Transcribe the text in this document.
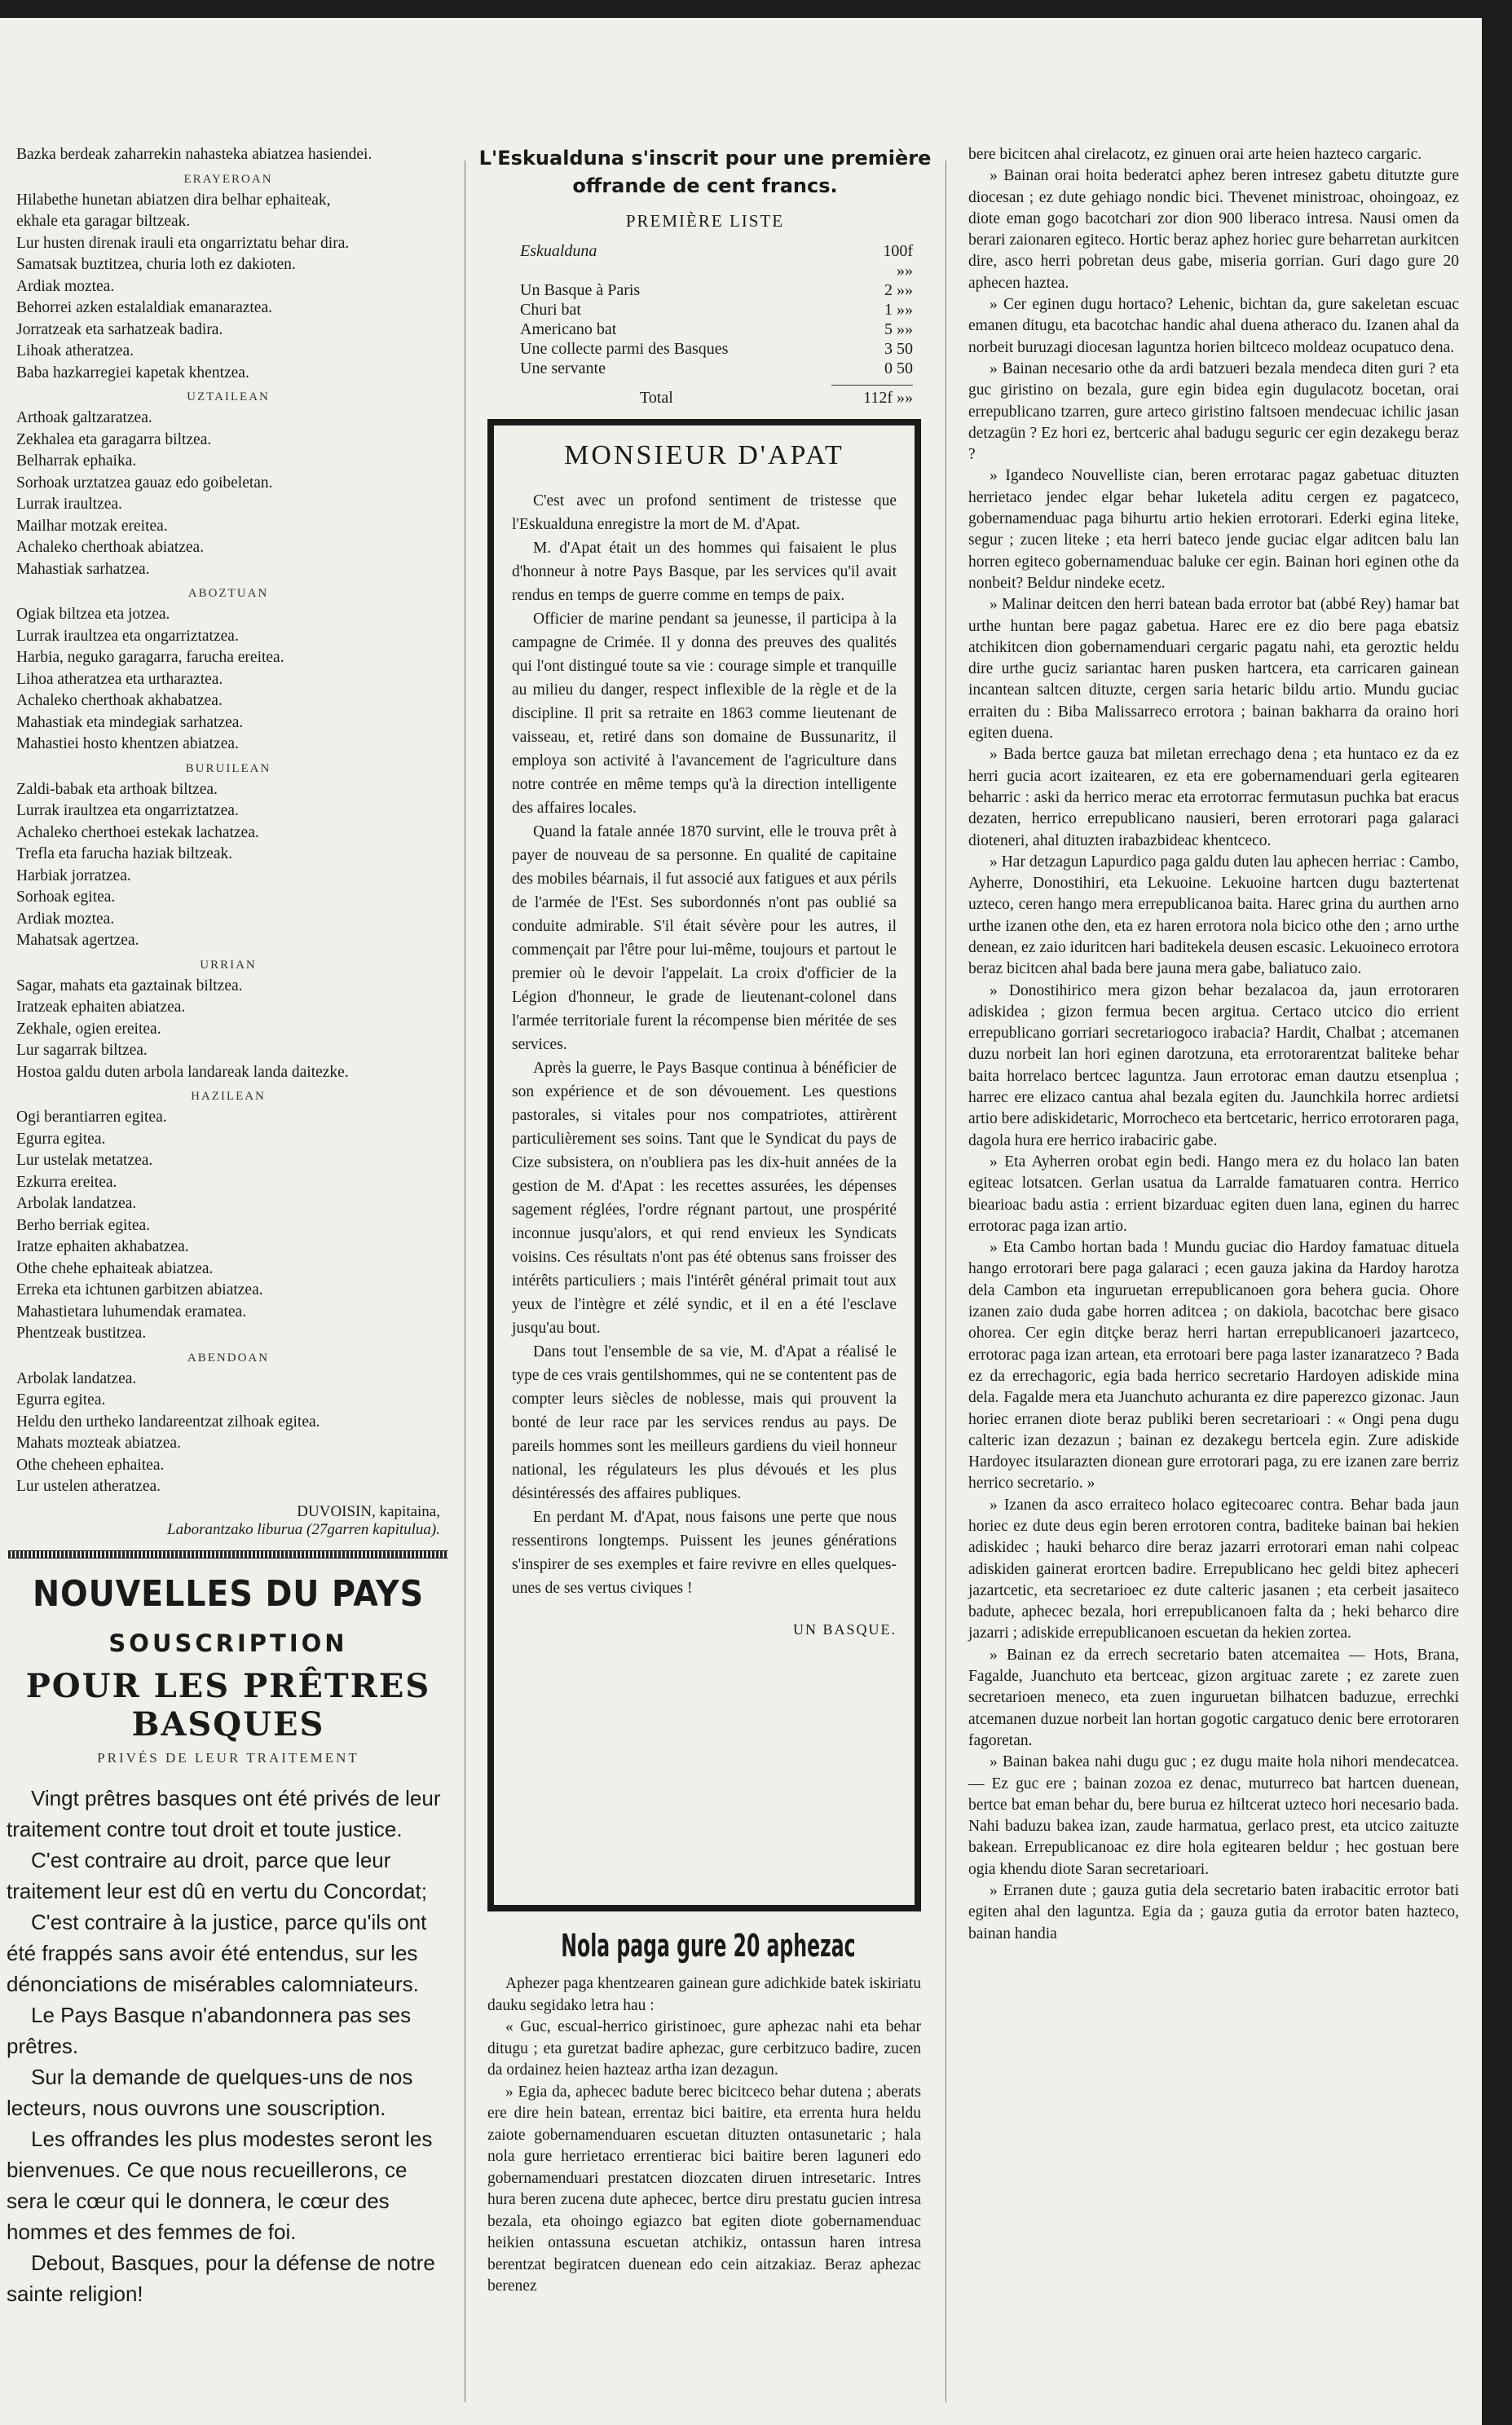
Bazka berdeak zaharrekin nahasteka abiatzea hasiendei.

ERAYEROAN

Hilabethe hunetan abiatzen dira belhar ephaiteak,

ekhale eta garagar biltzeak.

Lur husten direnak irauli eta ongarriztatu behar dira.

Samatsak buztitzea, churia loth ez dakioten.

Ardiak moztea.

Behorrei azken estalaldiak emanaraztea.

Jorratzeak eta sarhatzeak badira.

Lihoak atheratzea.

Baba hazkarregiei kapetak khentzea.

UZTAILEAN

Arthoak galtzaratzea.

Zekhalea eta garagarra biltzea.

Belharrak ephaika.

Sorhoak urztatzea gauaz edo goibeletan.

Lurrak iraultzea.

Mailhar motzak ereitea.

Achaleko cherthoak abiatzea.

Mahastiak sarhatzea.

ABOZTUAN

Ogiak biltzea eta jotzea.

Lurrak iraultzea eta ongarriztatzea.

Harbia, neguko garagarra, farucha ereitea.

Lihoa atheratzea eta urtharaztea.

Achaleko cherthoak akhabatzea.

Mahastiak eta mindegiak sarhatzea.

Mahastiei hosto khentzen abiatzea.

BURUILEAN

Zaldi-babak eta arthoak biltzea.

Lurrak iraultzea eta ongarriztatzea.

Achaleko cherthoei estekak lachatzea.

Trefla eta farucha haziak biltzeak.

Harbiak jorratzea.

Sorhoak egitea.

Ardiak moztea.

Mahatsak agertzea.

URRIAN

Sagar, mahats eta gaztainak biltzea.

Iratzeak ephaiten abiatzea.

Zekhale, ogien ereitea.

Lur sagarrak biltzea.

Hostoa galdu duten arbola landareak landa daitezke.

HAZILEAN

Ogi berantiarren egitea.

Egurra egitea.

Lur ustelak metatzea.

Ezkurra ereitea.

Arbolak landatzea.

Berho berriak egitea.

Iratze ephaiten akhabatzea.

Othe chehe ephaiteak abiatzea.

Erreka eta ichtunen garbitzen abiatzea.

Mahastietara luhumendak eramatea.

Phentzeak bustitzea.

ABENDOAN

Arbolak landatzea.

Egurra egitea.

Heldu den urtheko landareentzat zilhoak egitea.

Mahats mozteak abiatzea.

Othe cheheen ephaitea.

Lur ustelen atheratzea.

DUVOISIN, kapitaina,

Laborantzako liburua (27garren kapitulua).

NOUVELLES DU PAYS
SOUSCRIPTION
POUR LES PRÊTRES BASQUES
PRIVÉS DE LEUR TRAITEMENT

Vingt prêtres basques ont été privés de leur traitement contre tout droit et toute justice.

C'est contraire au droit, parce que leur traitement leur est dû en vertu du Concordat;

C'est contraire à la justice, parce qu'ils ont été frappés sans avoir été entendus, sur les dénonciations de misérables calomniateurs.

Le Pays Basque n'abandonnera pas ses prêtres.

Sur la demande de quelques-uns de nos lecteurs, nous ouvrons une souscription.

Les offrandes les plus modestes seront les bienvenues. Ce que nous recueillerons, ce sera le cœur qui le donnera, le cœur des hommes et des femmes de foi.

Debout, Basques, pour la défense de notre sainte religion!

L'Eskualduna s'inscrit pour une première offrande de cent francs.
PREMIÈRE LISTE
Eskualduna	100f »»
Un Basque à Paris	2 »»
Churi bat	1 »»
Americano bat	5 »»
Une collecte parmi des Basques	3 50
Une servante	0 50
Total	112f »»
MONSIEUR D'APAT

C'est avec un profond sentiment de tristesse que l'Eskualduna enregistre la mort de M. d'Apat.

M. d'Apat était un des hommes qui faisaient le plus d'honneur à notre Pays Basque, par les services qu'il avait rendus en temps de guerre comme en temps de paix.

Officier de marine pendant sa jeunesse, il participa à la campagne de Crimée. Il y donna des preuves des qualités qui l'ont distingué toute sa vie : courage simple et tranquille au milieu du danger, respect inflexible de la règle et de la discipline. Il prit sa retraite en 1863 comme lieutenant de vaisseau, et, retiré dans son domaine de Bussunaritz, il employa son activité à l'avancement de l'agriculture dans notre contrée en même temps qu'à la direction intelligente des affaires locales.

Quand la fatale année 1870 survint, elle le trouva prêt à payer de nouveau de sa personne. En qualité de capitaine des mobiles béarnais, il fut associé aux fatigues et aux périls de l'armée de l'Est. Ses subordonnés n'ont pas oublié sa conduite admirable. S'il était sévère pour les autres, il commençait par l'être pour lui-même, toujours et partout le premier où le devoir l'appelait. La croix d'officier de la Légion d'honneur, le grade de lieutenant-colonel dans l'armée territoriale furent la récompense bien méritée de ses services.

Après la guerre, le Pays Basque continua à bénéficier de son expérience et de son dévouement. Les questions pastorales, si vitales pour nos compatriotes, attirèrent particulièrement ses soins. Tant que le Syndicat du pays de Cize subsistera, on n'oubliera pas les dix-huit années de la gestion de M. d'Apat : les recettes assurées, les dépenses sagement réglées, l'ordre régnant partout, une prospérité inconnue jusqu'alors, et qui rend envieux les Syndicats voisins. Ces résultats n'ont pas été obtenus sans froisser des intérêts particuliers ; mais l'intérêt général primait tout aux yeux de l'intègre et zélé syndic, et il en a été l'esclave jusqu'au bout.

Dans tout l'ensemble de sa vie, M. d'Apat a réalisé le type de ces vrais gentilshommes, qui ne se contentent pas de compter leurs siècles de noblesse, mais qui prouvent la bonté de leur race par les services rendus au pays. De pareils hommes sont les meilleurs gardiens du vieil honneur national, les régulateurs les plus dévoués et les plus désintéressés des affaires publiques.

En perdant M. d'Apat, nous faisons une perte que nous ressentirons longtemps. Puissent les jeunes générations s'inspirer de ses exemples et faire revivre en elles quelques-unes de ses vertus civiques !

UN BASQUE.
Nola paga gure 20 aphezac

Aphezer paga khentzearen gainean gure adichkide batek iskiriatu dauku segidako letra hau :

« Guc, escual-herrico giristinoec, gure aphezac nahi eta behar ditugu ; eta guretzat badire aphezac, gure cerbitzuco badire, zucen da ordainez heien hazteaz artha izan dezagun.

» Egia da, aphecec badute berec bicitceco behar dutena ; aberats ere dire hein batean, errentaz bici baitire, eta errenta hura heldu zaiote gobernamenduaren escuetan dituzten ontasunetaric ; hala nola gure herrietaco errentierac bici baitire beren laguneri edo gobernamenduari prestatcen diozcaten diruen intresetaric. Intres hura beren zucena dute aphecec, bertce diru prestatu gucien intresa bezala, eta ohoingo egiazco bat egiten diote gobernamenduac heikien ontassuna escuetan atchikiz, ontassun haren intresa berentzat begiratcen duenean edo cein aitzakiaz. Beraz aphezac berenez

bere bicitcen ahal cirelacotz, ez ginuen orai arte heien hazteco cargaric.

» Bainan orai hoita bederatci aphez beren intresez gabetu ditutzte gure diocesan ; ez dute gehiago nondic bici. Thevenet ministroac, ohoingoaz, ez diote eman gogo bacotchari zor dion 900 liberaco intresa. Nausi omen da berari zaionaren egiteco. Hortic beraz aphez horiec gure beharretan aurkitcen dire, asco herri pobretan deus gabe, miseria gorrian. Guri dago gure 20 aphecen haztea.

» Cer eginen dugu hortaco? Lehenic, bichtan da, gure sakeletan escuac emanen ditugu, eta bacotchac handic ahal duena atheraco du. Izanen ahal da norbeit buruzagi diocesan laguntza horien biltceco moldeaz ocupatuco dena.

» Bainan necesario othe da ardi batzueri bezala mendeca diten guri ? eta guc giristino on bezala, gure egin bidea egin dugulacotz bocetan, orai errepublicano tzarren, gure arteco giristino faltsoen mendecuac ichilic jasan detzagün ? Ez hori ez, bertceric ahal badugu seguric cer egin dezakegu beraz ?

» Igandeco Nouvelliste cian, beren errotarac pagaz gabetuac dituzten herrietaco jendec elgar behar luketela aditu cergen ez pagatceco, gobernamenduac paga bihurtu artio hekien errotorari. Ederki egina liteke, segur ; zucen liteke ; eta herri bateco jende guciac elgar aditcen balu lan horren egiteco gobernamenduac baluke cer egin. Bainan hori eginen othe da nonbeit? Beldur nindeke ecetz.

» Malinar deitcen den herri batean bada errotor bat (abbé Rey) hamar bat urthe huntan bere pagaz gabetua. Harec ere ez dio bere paga ebatsiz atchikitcen dion gobernamenduari cergaric pagatu nahi, eta geroztic heldu dire urthe guciz sariantac haren pusken hartcera, eta carricaren gainean incantean saltcen dituzte, cergen saria hetaric bildu artio. Mundu guciac erraiten du : Biba Malissarreco errotora ; bainan bakharra da oraino hori egiten duena.

» Bada bertce gauza bat miletan errechago dena ; eta huntaco ez da ez herri gucia acort izaitearen, ez eta ere gobernamenduari gerla egitearen beharric : aski da herrico merac eta errotorrac fermutasun puchka bat eracus dezaten, herrico errepublicano nausieri, beren errotorari paga galaraci dioteneri, ahal dituzten irabazbideac khentceco.

» Har detzagun Lapurdico paga galdu duten lau aphecen herriac : Cambo, Ayherre, Donostihiri, eta Lekuoine. Lekuoine hartcen dugu baztertenat uzteco, ceren hango mera errepublicanoa baita. Harec grina du aurthen arno urthe izanen othe den, eta ez haren errotora nola bicico othe den ; arno urthe denean, ez zaio iduritcen hari baditekela deusen escasic. Lekuoineco errotora beraz bicitcen ahal bada bere jauna mera gabe, baliatuco zaio.

» Donostihirico mera gizon behar bezalacoa da, jaun errotoraren adiskidea ; gizon fermua becen argitua. Certaco utcico dio errient errepublicano gorriari secretariogoco irabacia? Hardit, Chalbat ; atcemanen duzu norbeit lan hori eginen darotzuna, eta errotorarentzat baliteke behar baita horrelaco bertcec laguntza. Jaun errotorac eman dautzu etsenplua ; harrec ere elizaco cantua ahal bezala egiten du. Jaunchkila horrec ardietsi artio bere adiskidetaric, Morrocheco eta bertcetaric, herrico errotoraren paga, dagola hura ere herrico irabaciric gabe.

» Eta Ayherren orobat egin bedi. Hango mera ez du holaco lan baten egiteac lotsatcen. Gerlan usatua da Larralde famatuaren contra. Herrico biearioac badu astia : errient bizarduac egiten duen lana, eginen du harrec errotorac paga izan artio.

» Eta Cambo hortan bada ! Mundu guciac dio Hardoy famatuac dituela hango errotorari bere paga galaraci ; ecen gauza jakina da Hardoy harotza dela Cambon eta inguruetan errepublicanoen gora behera gucia. Ohore izanen zaio duda gabe horren aditcea ; on dakiola, bacotchac bere gisaco ohorea. Cer egin ditçke beraz herri hartan errepublicanoeri jazartceco, errotorac paga izan artean, eta errotoari bere paga laster izanaratzeco ? Bada ez da errechagoric, egia bada herrico secretario Hardoyen adiskide mina dela. Fagalde mera eta Juanchuto achuranta ez dire paperezco gizonac. Jaun horiec erranen diote beraz publiki beren secretarioari : « Ongi pena dugu calteric izan dezazun ; bainan ez dezakegu bertcela egin. Zure adiskide Hardoyec itsularazten dionean gure errotorari paga, zu ere izanen zare berriz herrico secretario. »

» Izanen da asco erraiteco holaco egitecoarec contra. Behar bada jaun horiec ez dute deus egin beren errotoren contra, baditeke bainan bai hekien adiskidec ; hauki beharco dire beraz jazarri errotorari eman nahi colpeac adiskiden gainerat erortcen badire. Errepublicano hec geldi bitez apheceri jazartcetic, eta secretarioec ez dute calteric jasanen ; eta cerbeit jasaiteco badute, aphecec bezala, hori errepublicanoen falta da ; heki beharco dire jazarri ; adiskide errepublicanoen escuetan da hekien zortea.

» Bainan ez da errech secretario baten atcemaitea — Hots, Brana, Fagalde, Juanchuto eta bertceac, gizon argituac zarete ; ez zarete zuen secretarioen meneco, eta zuen inguruetan bilhatcen baduzue, errechki atcemanen duzue norbeit lan hortan gogotic cargatuco denic bere errotoraren fagoretan.

» Bainan bakea nahi dugu guc ; ez dugu maite hola nihori mendecatcea. — Ez guc ere ; bainan zozoa ez denac, muturreco bat hartcen duenean, bertce bat eman behar du, bere burua ez hiltcerat uzteco hori necesario bada. Nahi baduzu bakea izan, zaude harmatua, gerlaco prest, eta utcico zaituzte bakean. Errepublicanoac ez dire hola egitearen beldur ; hec gostuan bere ogia khendu diote Saran secretarioari.

» Erranen dute ; gauza gutia dela secretario baten irabacitic errotor bati egiten ahal den laguntza. Egia da ; gauza gutia da errotor baten hazteco, bainan handia
